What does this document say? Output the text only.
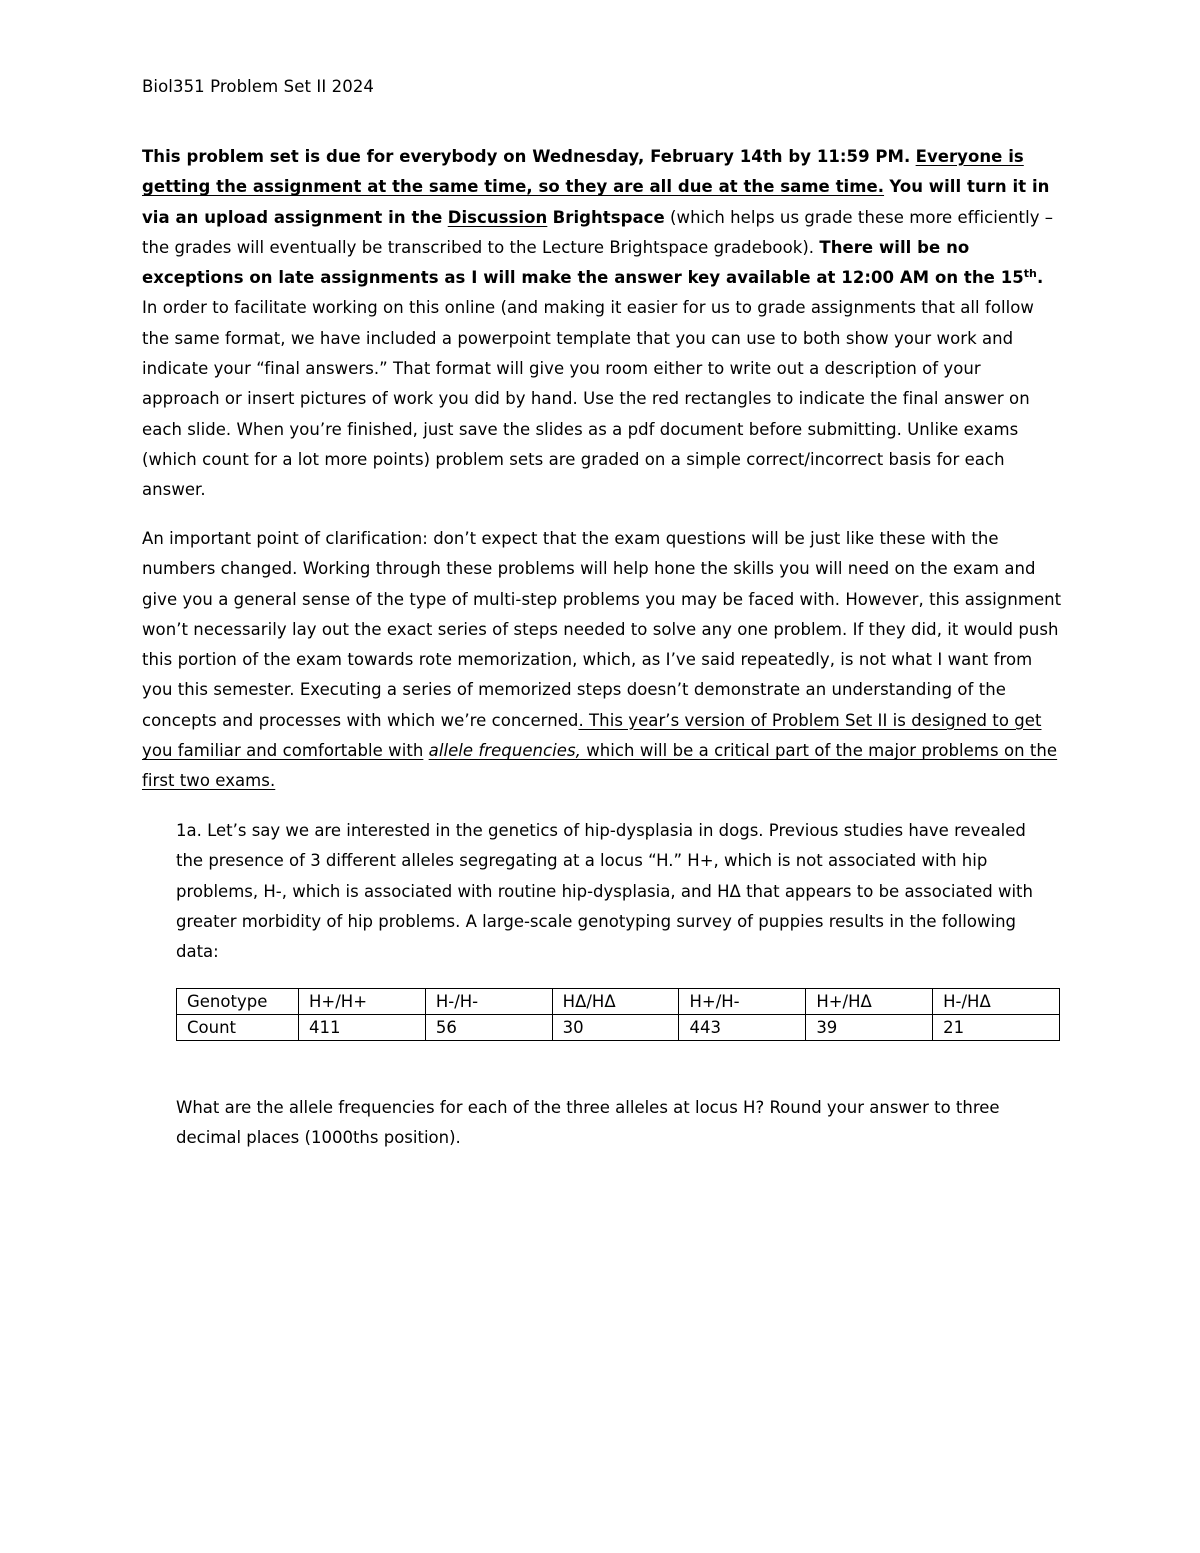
Biol351 Problem Set II 2024

This problem set is due for everybody on Wednesday, February 14th by 11:59 PM. Everyone is getting the assignment at the same time, so they are all due at the same time. You will turn it in via an upload assignment in the Discussion Brightspace (which helps us grade these more efficiently – the grades will eventually be transcribed to the Lecture Brightspace gradebook). There will be no exceptions on late assignments as I will make the answer key available at 12:00 AM on the 15th. In order to facilitate working on this online (and making it easier for us to grade assignments that all follow the same format, we have included a powerpoint template that you can use to both show your work and indicate your “final answers.” That format will give you room either to write out a description of your approach or insert pictures of work you did by hand. Use the red rectangles to indicate the final answer on each slide. When you’re finished, just save the slides as a pdf document before submitting. Unlike exams (which count for a lot more points) problem sets are graded on a simple correct/incorrect basis for each answer.

An important point of clarification: don’t expect that the exam questions will be just like these with the numbers changed. Working through these problems will help hone the skills you will need on the exam and give you a general sense of the type of multi-step problems you may be faced with. However, this assignment won’t necessarily lay out the exact series of steps needed to solve any one problem. If they did, it would push this portion of the exam towards rote memorization, which, as I’ve said repeatedly, is not what I want from you this semester. Executing a series of memorized steps doesn’t demonstrate an understanding of the concepts and processes with which we’re concerned. This year’s version of Problem Set II is designed to get you familiar and comfortable with allele frequencies, which will be a critical part of the major problems on the first two exams.

1a. Let’s say we are interested in the genetics of hip-dysplasia in dogs. Previous studies have revealed the presence of 3 different alleles segregating at a locus “H.” H+, which is not associated with hip problems, H-, which is associated with routine hip-dysplasia, and HΔ that appears to be associated with greater morbidity of hip problems. A large-scale genotyping survey of puppies results in the following data:

Genotype	H+/H+	H-/H-	HΔ/HΔ	H+/H-	H+/HΔ	H-/HΔ
Count	411	56	30	443	39	21

What are the allele frequencies for each of the three alleles at locus H? Round your answer to three decimal places (1000ths position).
